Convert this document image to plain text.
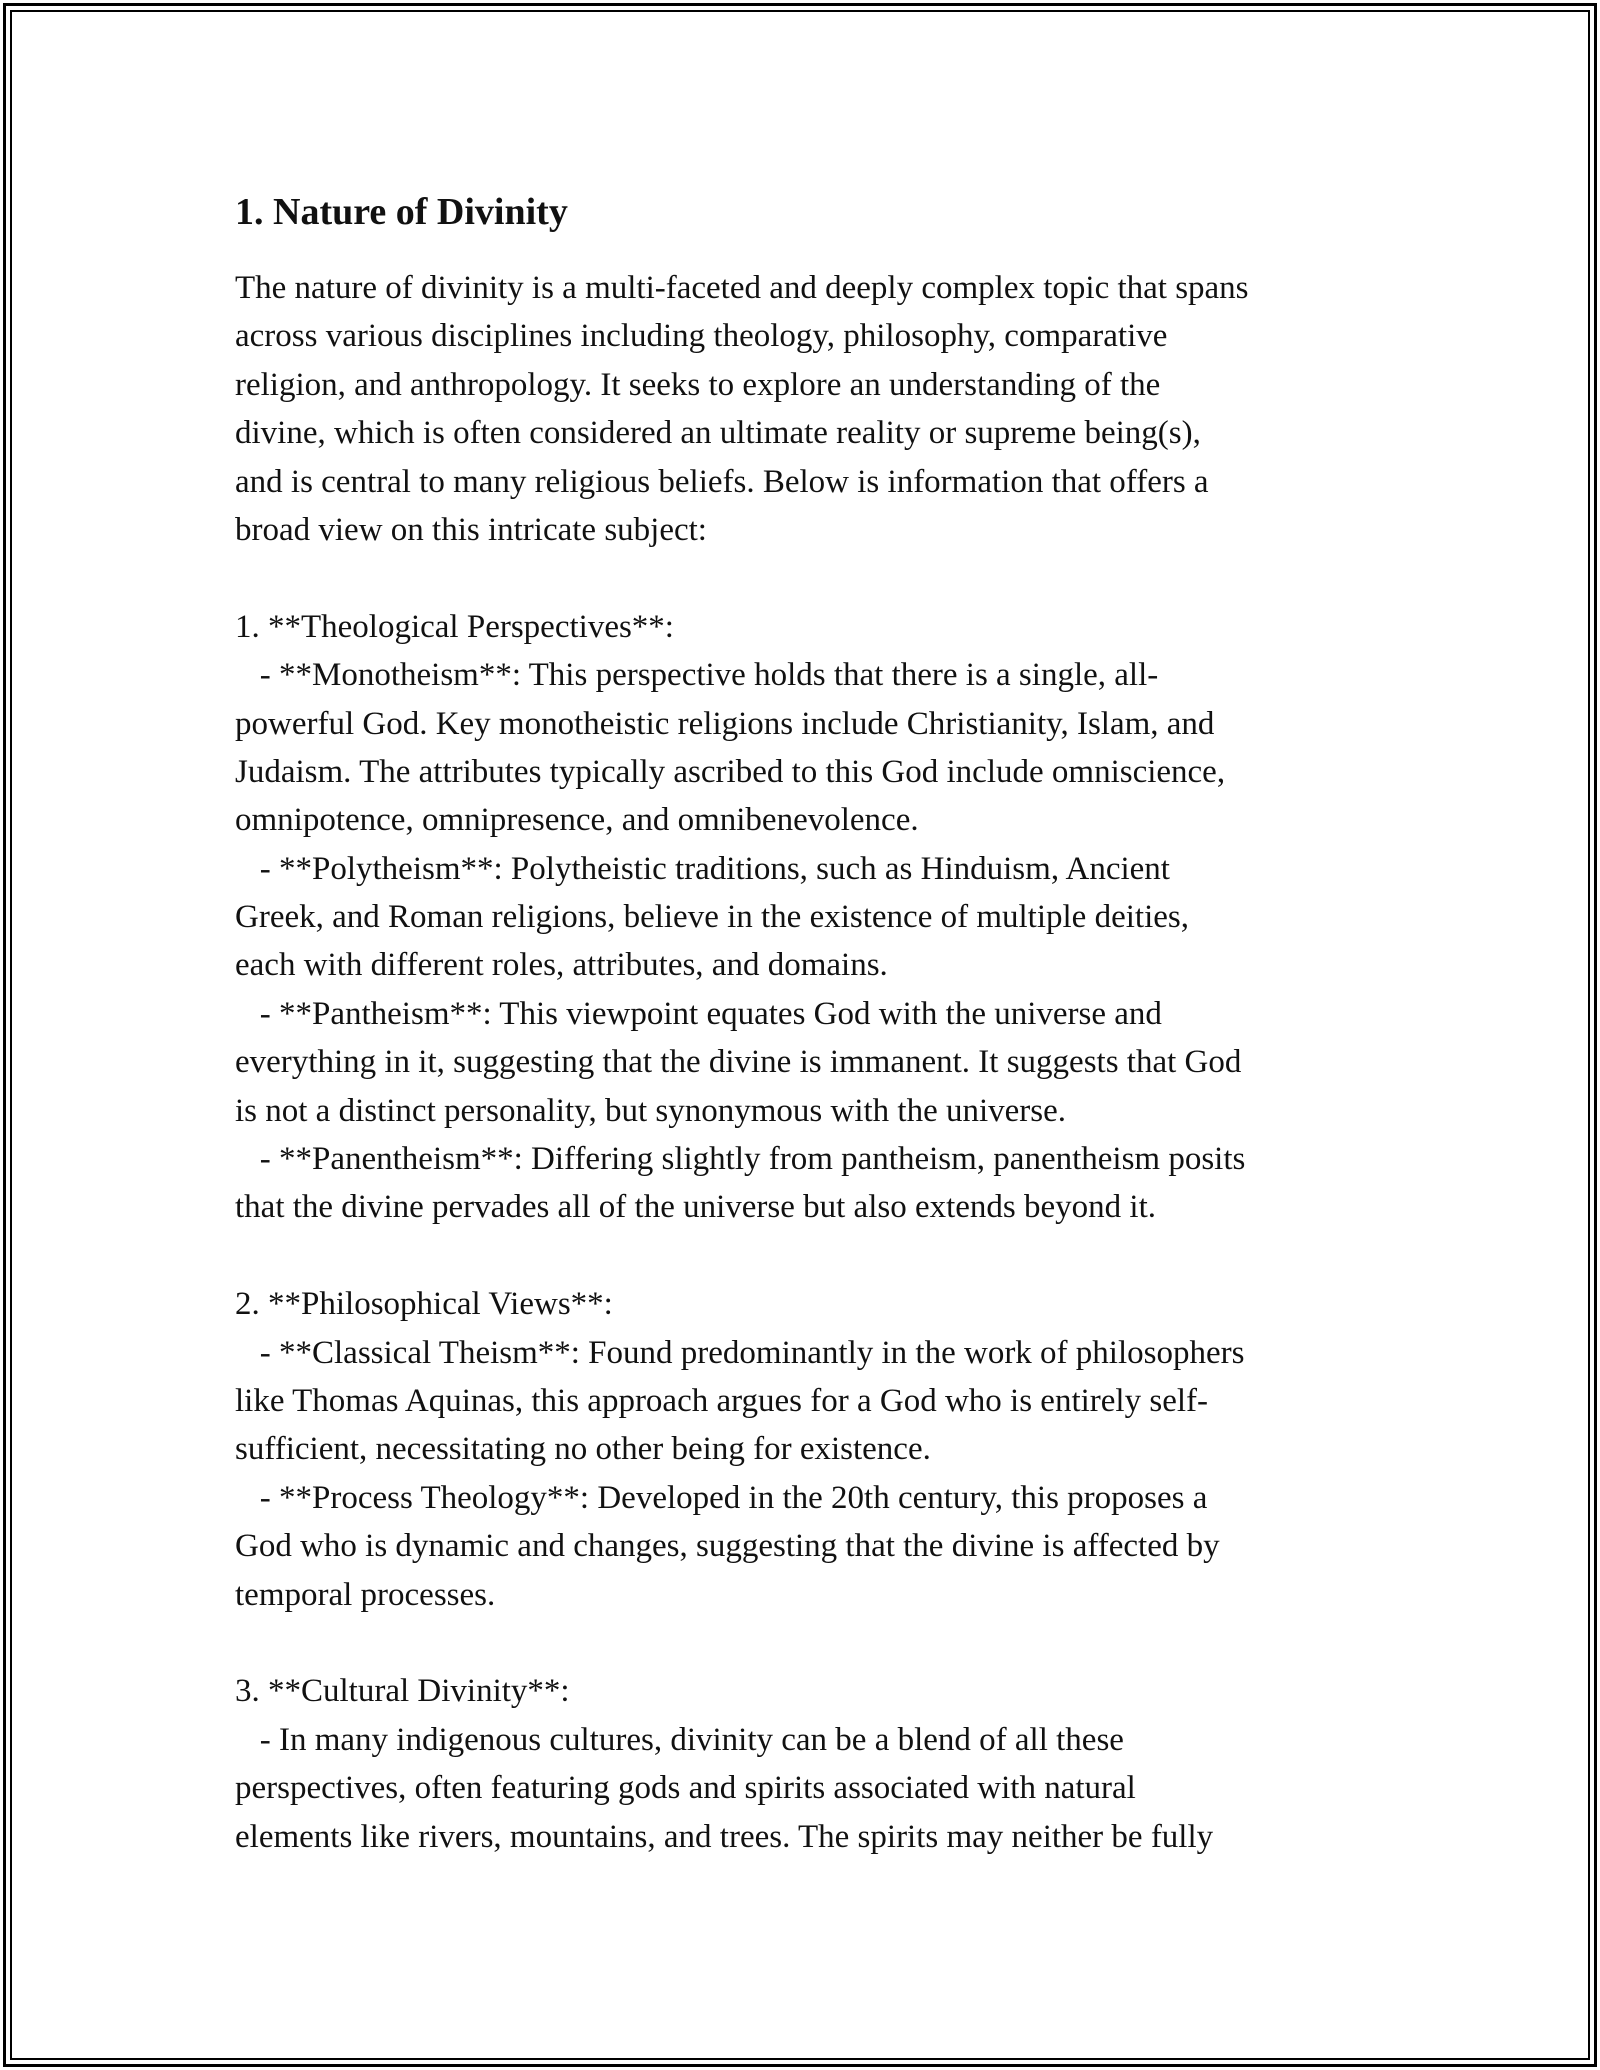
1. Nature of Divinity
The nature of divinity is a multi-faceted and deeply complex topic that spans
across various disciplines including theology, philosophy, comparative
religion, and anthropology. It seeks to explore an understanding of the
divine, which is often considered an ultimate reality or supreme being(s),
and is central to many religious beliefs. Below is information that offers a
broad view on this intricate subject:
1. **Theological Perspectives**:
- **Monotheism**: This perspective holds that there is a single, all-
powerful God. Key monotheistic religions include Christianity, Islam, and
Judaism. The attributes typically ascribed to this God include omniscience,
omnipotence, omnipresence, and omnibenevolence.
- **Polytheism**: Polytheistic traditions, such as Hinduism, Ancient
Greek, and Roman religions, believe in the existence of multiple deities,
each with different roles, attributes, and domains.
- **Pantheism**: This viewpoint equates God with the universe and
everything in it, suggesting that the divine is immanent. It suggests that God
is not a distinct personality, but synonymous with the universe.
- **Panentheism**: Differing slightly from pantheism, panentheism posits
that the divine pervades all of the universe but also extends beyond it.
2. **Philosophical Views**:
- **Classical Theism**: Found predominantly in the work of philosophers
like Thomas Aquinas, this approach argues for a God who is entirely self-
sufficient, necessitating no other being for existence.
- **Process Theology**: Developed in the 20th century, this proposes a
God who is dynamic and changes, suggesting that the divine is affected by
temporal processes.
3. **Cultural Divinity**:
- In many indigenous cultures, divinity can be a blend of all these
perspectives, often featuring gods and spirits associated with natural
elements like rivers, mountains, and trees. The spirits may neither be fully
